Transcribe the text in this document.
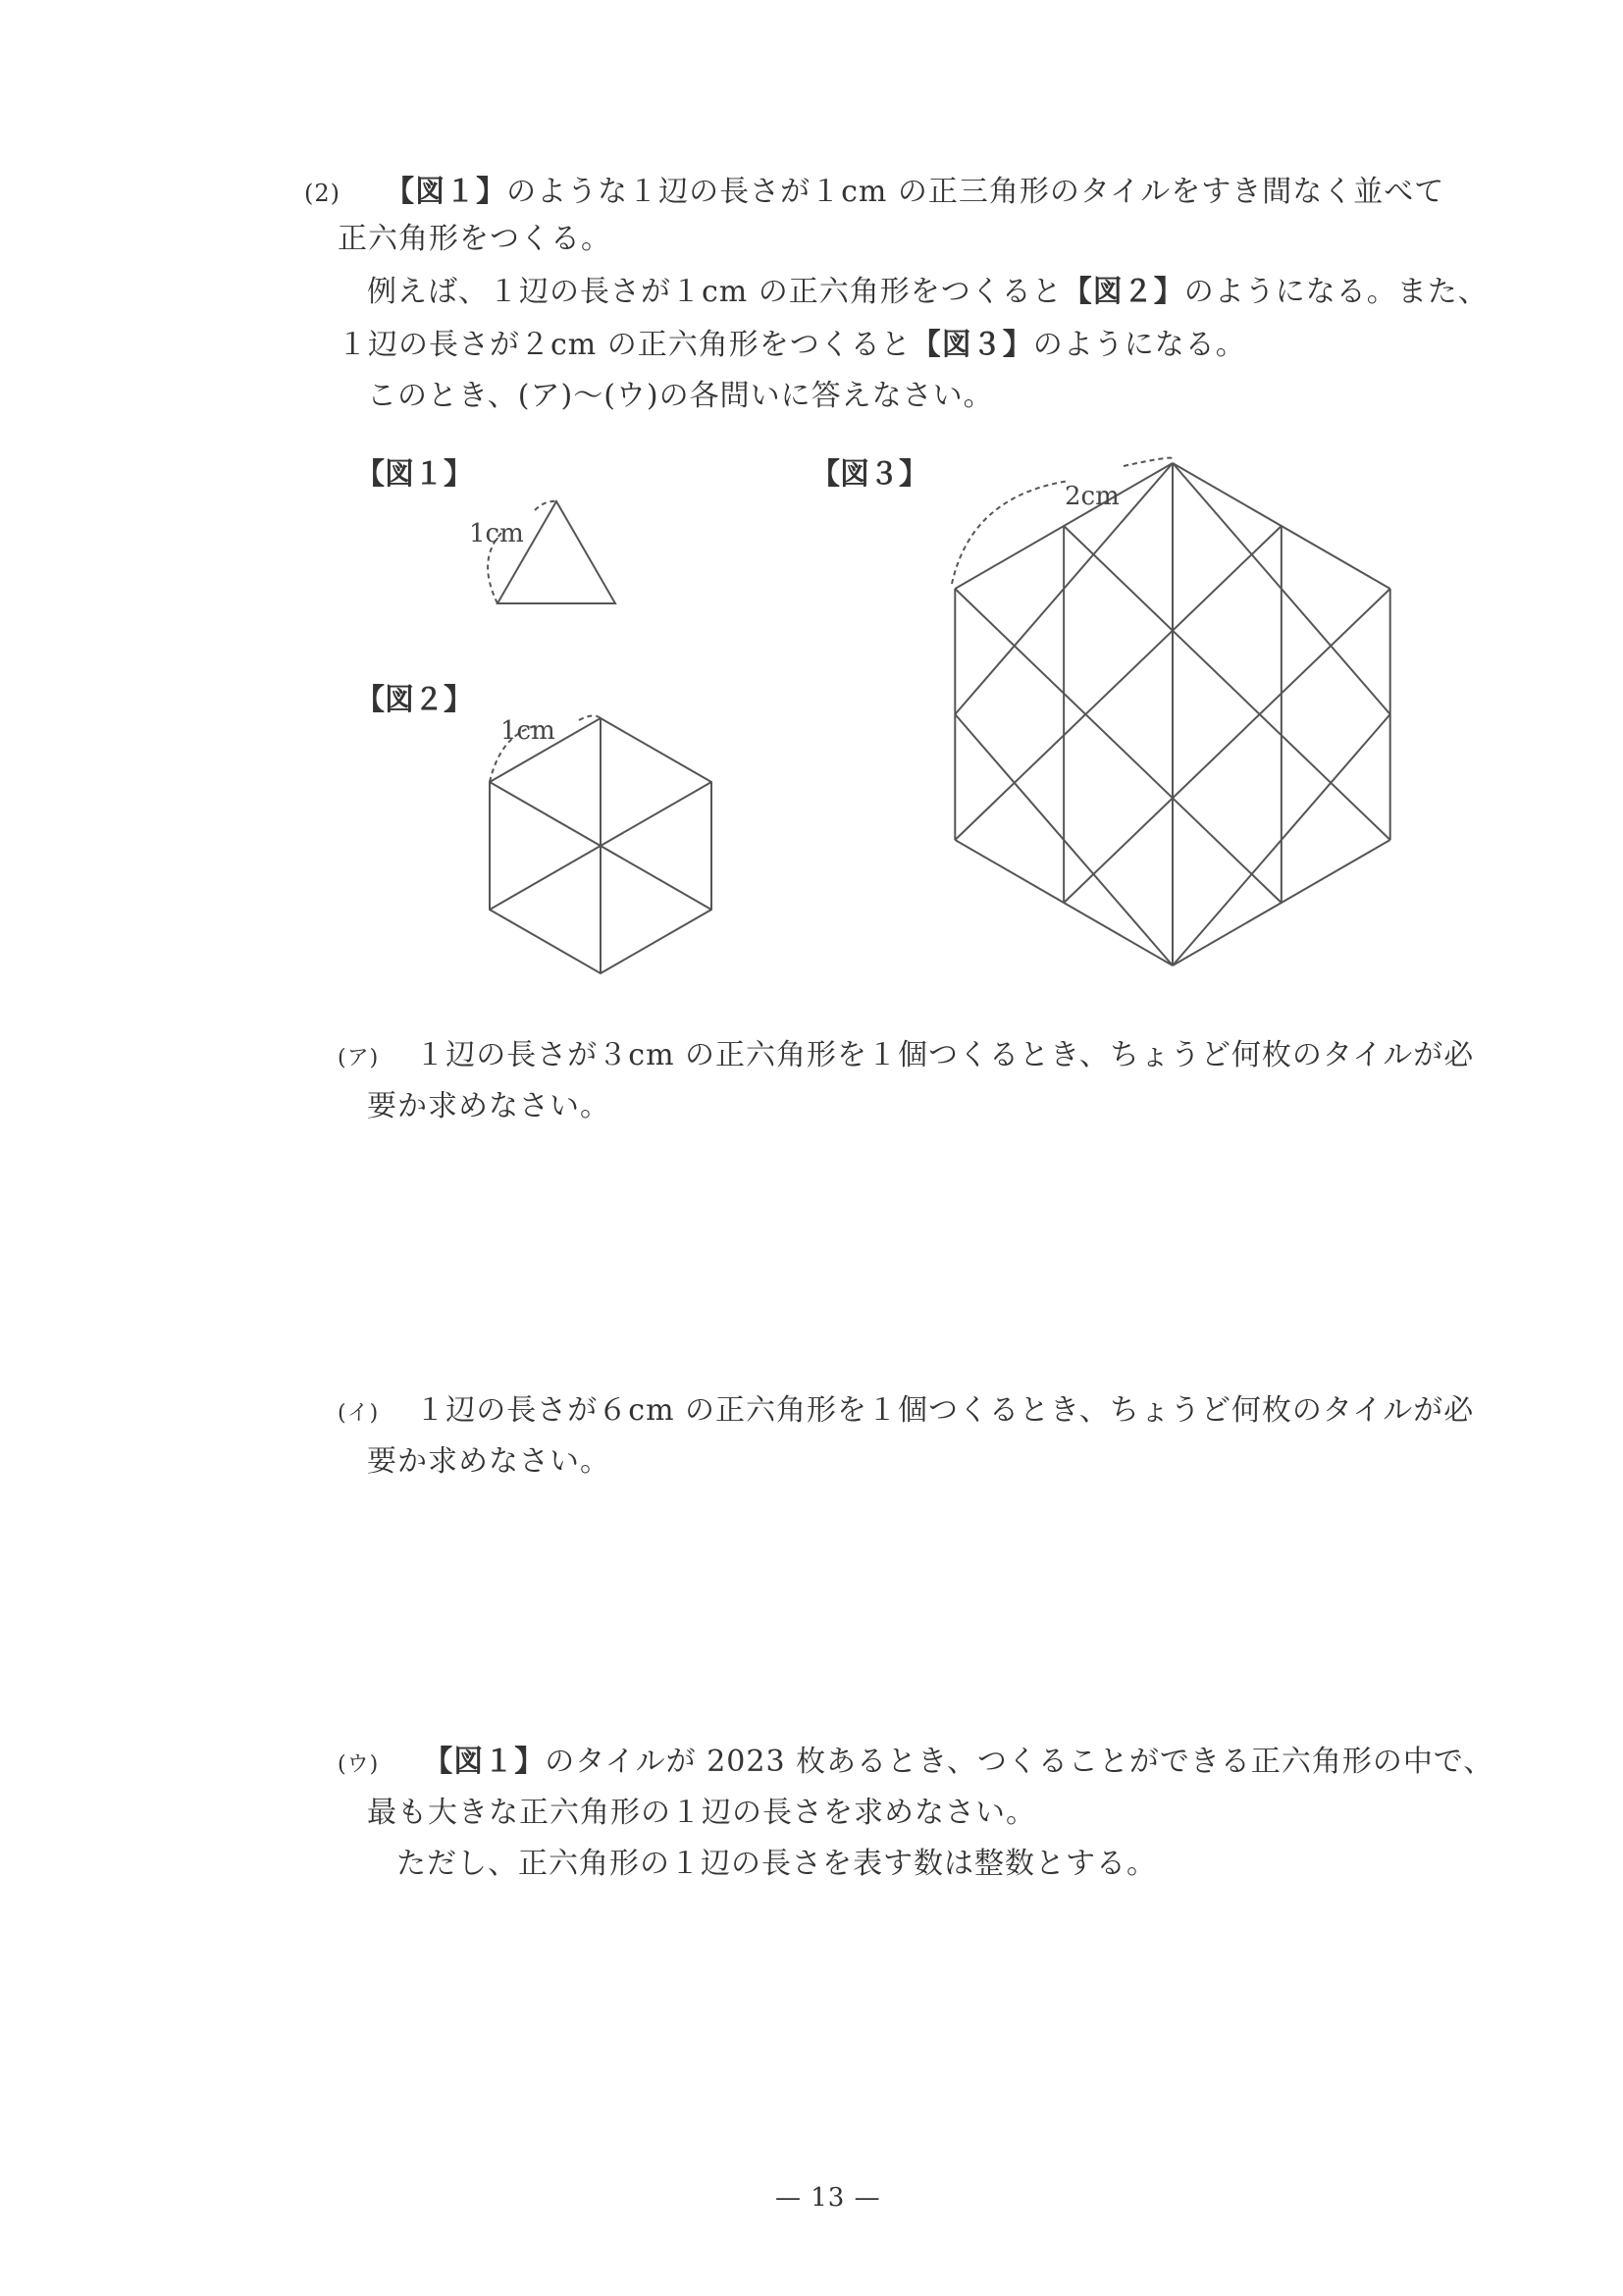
(2) 【図１】のような１辺の長さが１cm の正三角形のタイルをすき間なく並べて
正六角形をつくる。
例えば、１辺の長さが１cm の正六角形をつくると【図２】のようになる。また、
１辺の長さが２cm の正六角形をつくると【図３】のようになる。
このとき、(ア)〜(ウ)の各問いに答えなさい。
【図１】
【図２】
【図３】
1cm
1cm
2cm
(ア) １辺の長さが３cm の正六角形を１個つくるとき、ちょうど何枚のタイルが必
要か求めなさい。
(イ) １辺の長さが６cm の正六角形を１個つくるとき、ちょうど何枚のタイルが必
要か求めなさい。
(ウ) 【図１】のタイルが 2023 枚あるとき、つくることができる正六角形の中で、
最も大きな正六角形の１辺の長さを求めなさい。
ただし、正六角形の１辺の長さを表す数は整数とする。
— 13 —
